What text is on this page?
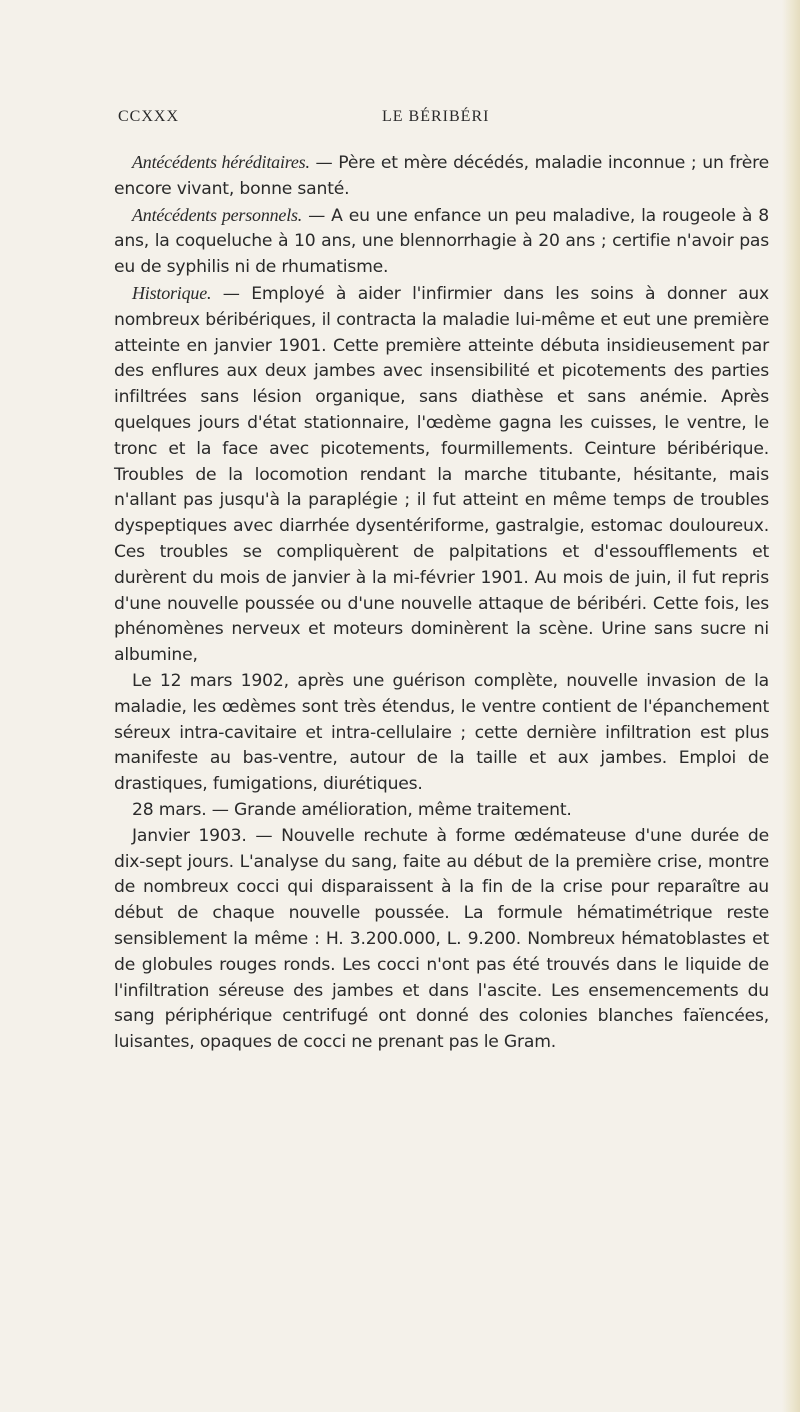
CCXXX	LE BÉRIBÉRI

Antécédents héréditaires. — Père et mère décédés, maladie inconnue ; un frère encore vivant, bonne santé.

Antécédents personnels. — A eu une enfance un peu maladive, la rougeole à 8 ans, la coqueluche à 10 ans, une blennorrhagie à 20 ans ; certifie n'avoir pas eu de syphilis ni de rhumatisme.

Historique. — Employé à aider l'infirmier dans les soins à donner aux nombreux béribériques, il contracta la maladie lui-même et eut une première atteinte en janvier 1901. Cette première atteinte débuta insidieusement par des enflures aux deux jambes avec insensibilité et picotements des parties infiltrées sans lésion organique, sans diathèse et sans anémie. Après quelques jours d'état stationnaire, l'œdème gagna les cuisses, le ventre, le tronc et la face avec picotements, fourmillements. Ceinture béribérique. Troubles de la locomotion rendant la marche titubante, hésitante, mais n'allant pas jusqu'à la paraplégie ; il fut atteint en même temps de troubles dyspeptiques avec diarrhée dysentériforme, gastralgie, estomac douloureux. Ces troubles se compliquèrent de palpitations et d'essoufflements et durèrent du mois de janvier à la mi-février 1901. Au mois de juin, il fut repris d'une nouvelle poussée ou d'une nouvelle attaque de béribéri. Cette fois, les phénomènes nerveux et moteurs dominèrent la scène. Urine sans sucre ni albumine,

Le 12 mars 1902, après une guérison complète, nouvelle invasion de la maladie, les œdèmes sont très étendus, le ventre contient de l'épanchement séreux intra-cavitaire et intra-cellulaire ; cette dernière infiltration est plus manifeste au bas-ventre, autour de la taille et aux jambes. Emploi de drastiques, fumigations, diurétiques.

28 mars. — Grande amélioration, même traitement.

Janvier 1903. — Nouvelle rechute à forme œdémateuse d'une durée de dix-sept jours. L'analyse du sang, faite au début de la première crise, montre de nombreux cocci qui disparaissent à la fin de la crise pour reparaître au début de chaque nouvelle poussée. La formule hématimétrique reste sensiblement la même : H. 3.200.000, L. 9.200. Nombreux hématoblastes et de globules rouges ronds. Les cocci n'ont pas été trouvés dans le liquide de l'infiltration séreuse des jambes et dans l'ascite. Les ensemencements du sang périphérique centrifugé ont donné des colonies blanches faïencées, luisantes, opaques de cocci ne prenant pas le Gram.
